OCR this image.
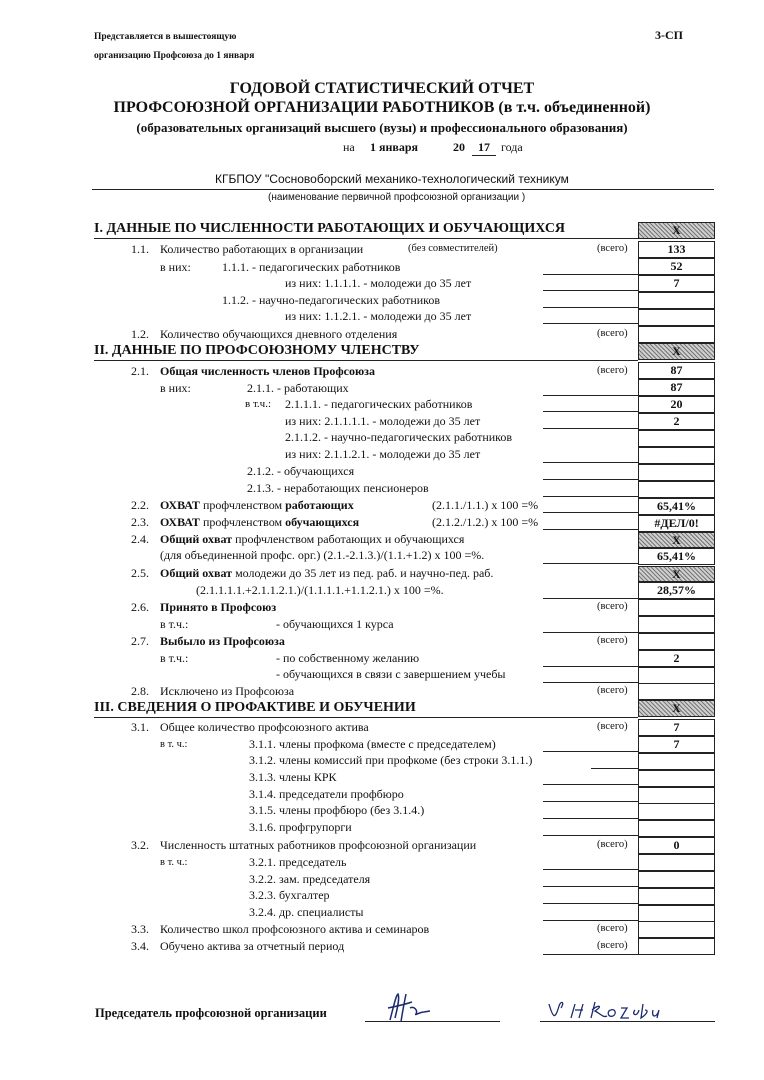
Представляется в вышестоящую
организацию Профсоюза до 1 января
3-СП
ГОДОВОЙ СТАТИСТИЧЕСКИЙ ОТЧЕТ
ПРОФСОЮЗНОЙ ОРГАНИЗАЦИИ РАБОТНИКОВ (в т.ч. объединенной)
(образовательных организаций высшего (вузы) и профессионального образования)
на 1 января	20	17 года
КГБПОУ "Сосновоборский механико-технологический техникум
(наименование первичной профсоюзной организации )
I. ДАННЫЕ ПО ЧИСЛЕННОСТИ РАБОТАЮЩИХ И ОБУЧАЮЩИХСЯ	Х
1.1. Количество работающих в организации	(без совместителей)	(всего)	133
в них:	1.1.1. - педагогических работников	52
из них: 1.1.1.1. - молодежи до 35 лет	7
1.1.2. - научно-педагогических работников
из них: 1.1.2.1. - молодежи до 35 лет
1.2. Количество обучающихся дневного отделения	(всего)
II. ДАННЫЕ ПО ПРОФСОЮЗНОМУ ЧЛЕНСТВУ	Х
2.1. Общая численность членов Профсоюза	(всего)	87
в них:	2.1.1. - работающих	87
в т.ч.: 2.1.1.1. - педагогических работников	20
из них: 2.1.1.1.1. - молодежи до 35 лет	2
2.1.1.2. - научно-педагогических работников
из них: 2.1.1.2.1. - молодежи до 35 лет
2.1.2. - обучающихся
2.1.3. - неработающих пенсионеров
2.2. ОХВАТ профчленством работающих	(2.1.1./1.1.) х 100 =%	65,41%
2.3. ОХВАТ профчленством обучающихся	(2.1.2./1.2.) х 100 =%	#ДЕЛ/0!
2.4. Общий охват профчленством работающих и обучающихся	Х
(для объединенной профс. орг.) (2.1.-2.1.3.)/(1.1.+1.2) х 100 =%.	65,41%
2.5. Общий охват молодежи до 35 лет из пед. раб. и научно-пед. раб.	Х
(2.1.1.1.1.+2.1.1.2.1.)/(1.1.1.1.+1.1.2.1.) х 100 =%.	28,57%
2.6. Принято в Профсоюз	(всего)
в т.ч.:	- обучающихся 1 курса
2.7. Выбыло из Профсоюза	(всего)
в т.ч.:	- по собственному желанию	2
- обучающихся в связи с завершением учебы
2.8. Исключено из Профсоюза	(всего)
III. СВЕДЕНИЯ О ПРОФАКТИВЕ И ОБУЧЕНИИ	Х
3.1. Общее количество профсоюзного актива	(всего)	7
в т. ч.:	3.1.1. члены профкома (вместе с председателем)	7
3.1.2. члены комиссий при профкоме (без строки 3.1.1.)
3.1.3. члены КРК
3.1.4. председатели профбюро
3.1.5. члены профбюро (без 3.1.4.)
3.1.6. профгрупорги
3.2. Численность штатных работников профсоюзной организации	(всего)	0
в т. ч.:	3.2.1. председатель
3.2.2. зам. председателя
3.2.3. бухгалтер
3.2.4. др. специалисты
3.3. Количество школ профсоюзного актива и семинаров	(всего)
3.4. Обучено актива за отчетный период	(всего)
Председатель профсоюзной организации
